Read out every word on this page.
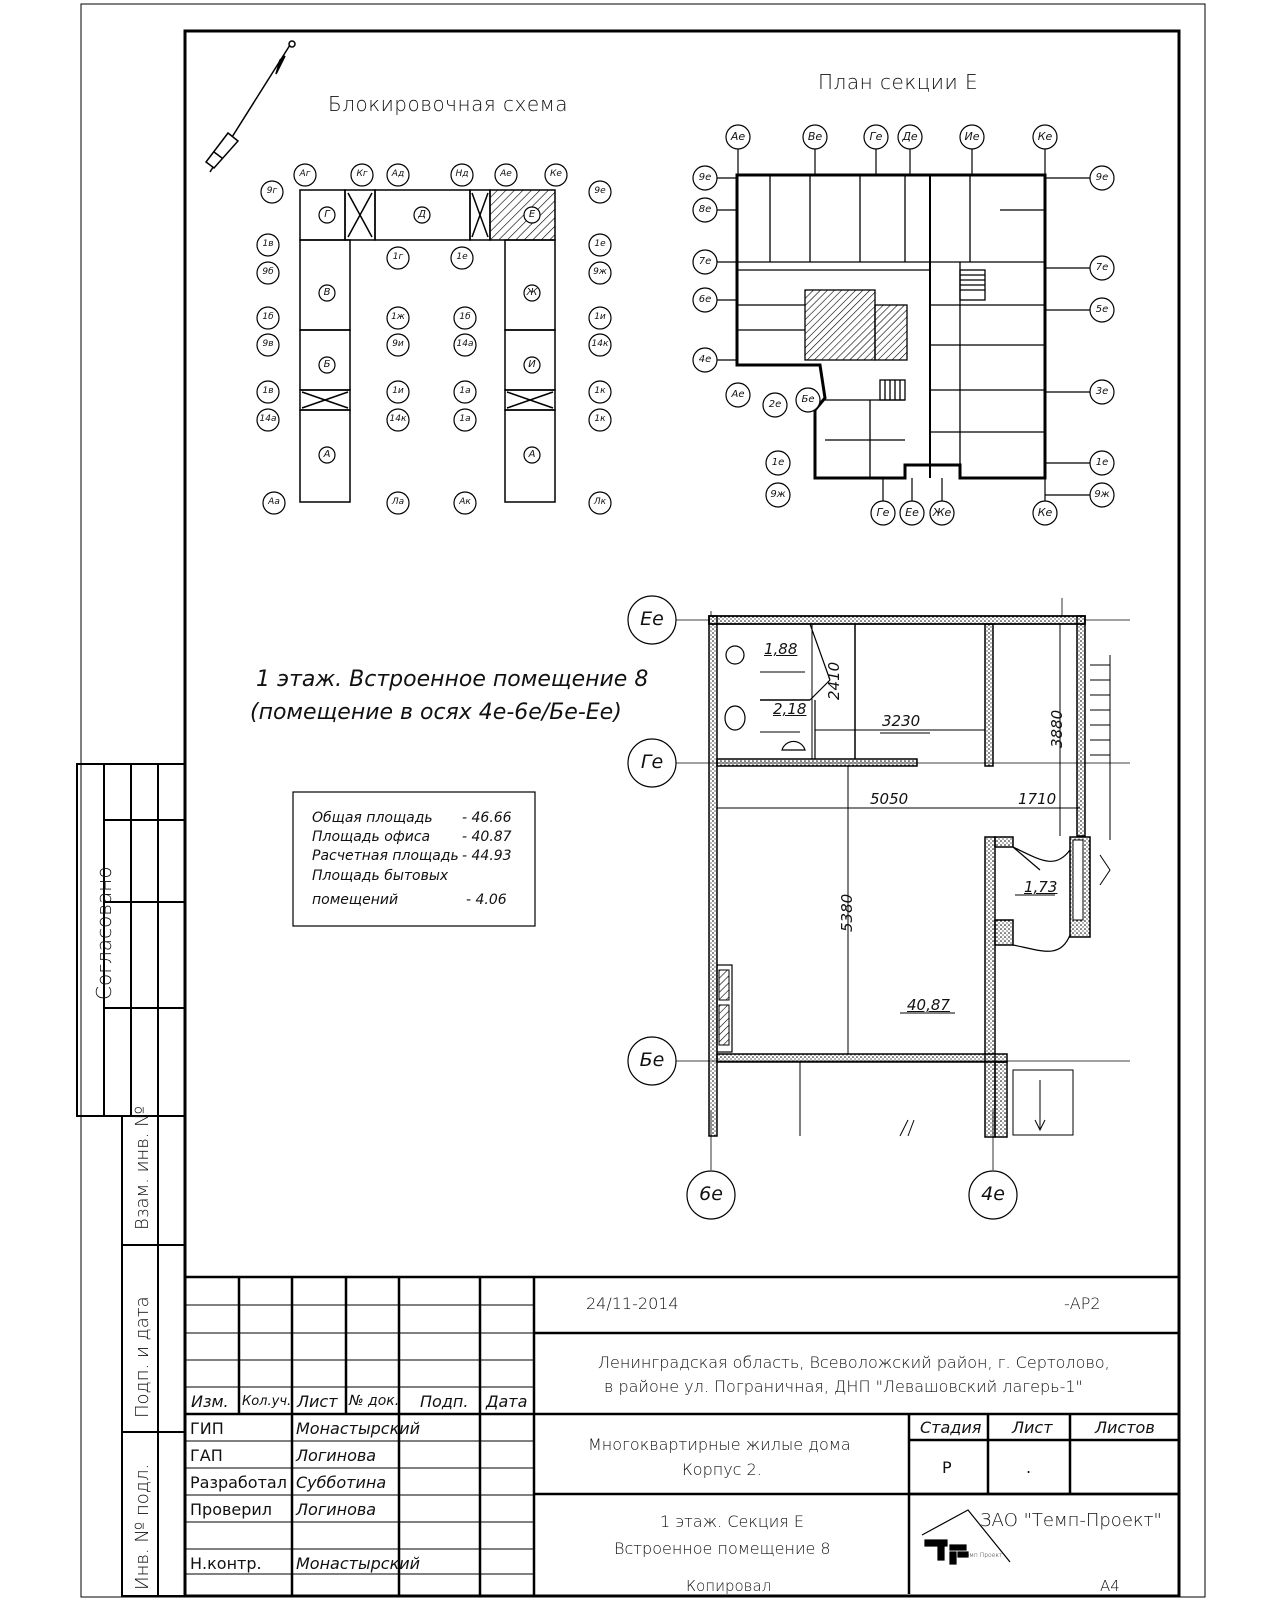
Согласовано
Взам. инв. №
Подп. и дата
Инв. № подл.
Блокировочная схема
План секции Е
1 этаж. Встроенное помещение 8
(помещение в осях 4е-6е/Бе-Ее)
Общая площадь - 46.66
Площадь офиса - 40.87
Расчетная площадь - 44.93
Площадь бытовых
помещений	- 4.06
1,88
2,18
1,73
40,87
2410
3230	3880
5050	1710
5380
24/11-2014	-АР2
Ленинградская область, Всеволожский район, г. Сертолово,
в районе ул. Пограничная, ДНП "Левашовский лагерь-1"
Многоквартирные жилые дома
Корпус 2.
1 этаж. Секция Е
Встроенное помещение 8
Изм. Кол.уч. Лист № док. Подп. Дата
ГИП	Монастырский
ГАП	Логинова
Разработал Субботина
Проверил Логинова
Н.контр. Монастырский
Стадия Лист	Листов
Р	.
ЗАО "Темп-Проект"
Темп Проект
Копировал	А4
Г	Д	Е
В	Ж
Б	И
А	А
Аг	Кг	Ад	Нд	Ае	Ке
9г	9е
1в
9б
1г	1е
1е
9ж
1б
9в
1ж
9и
1б
14а
1и
14к
1в
14а
1и
14к
1а
1а
1к
1к
Аа	Ла	Ак	Лк
Ае	Ве	Ге	Де	Ие	Ке
9е
8е
7е
6е
4е
9е
7е
5е
3е
1е
9ж
Ае
2е	Бе
1е
9ж
Ге	Ее	Же	Ке
Ее
Ге
Бе
6е	4е
